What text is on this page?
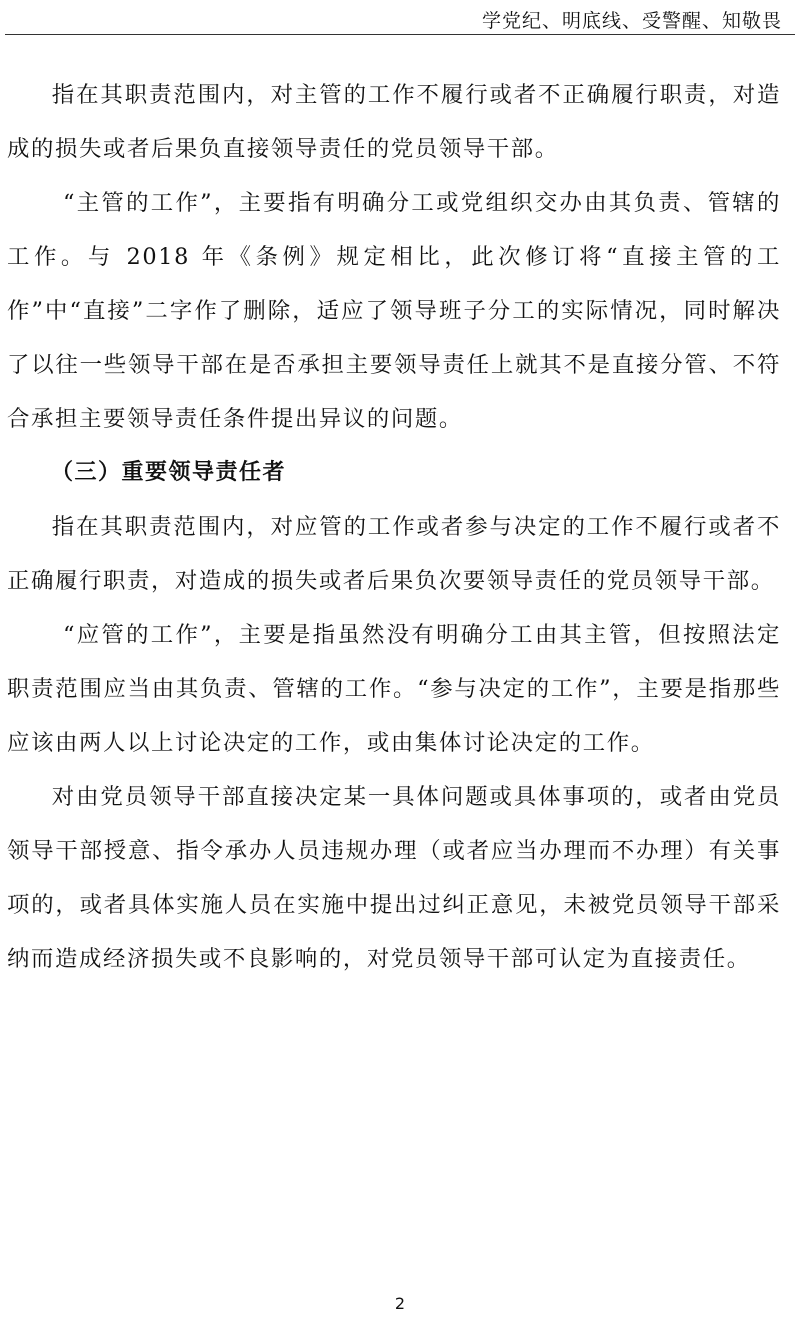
学党纪、明底线、受警醒、知敬畏

指在其职责范围内，对主管的工作不履行或者不正确履行职责，对造成的损失或者后果负直接领导责任的党员领导干部。

“主管的工作”，主要指有明确分工或党组织交办由其负责、管辖的工作。与 2018 年《条例》规定相比，此次修订将“直接主管的工作”中“直接”二字作了删除，适应了领导班子分工的实际情况，同时解决了以往一些领导干部在是否承担主要领导责任上就其不是直接分管、不符合承担主要领导责任条件提出异议的问题。

（三）重要领导责任者

指在其职责范围内，对应管的工作或者参与决定的工作不履行或者不正确履行职责，对造成的损失或者后果负次要领导责任的党员领导干部。

“应管的工作”，主要是指虽然没有明确分工由其主管，但按照法定职责范围应当由其负责、管辖的工作。“参与决定的工作”，主要是指那些应该由两人以上讨论决定的工作，或由集体讨论决定的工作。

对由党员领导干部直接决定某一具体问题或具体事项的，或者由党员领导干部授意、指令承办人员违规办理（或者应当办理而不办理）有关事项的，或者具体实施人员在实施中提出过纠正意见，未被党员领导干部采纳而造成经济损失或不良影响的，对党员领导干部可认定为直接责任。

2
